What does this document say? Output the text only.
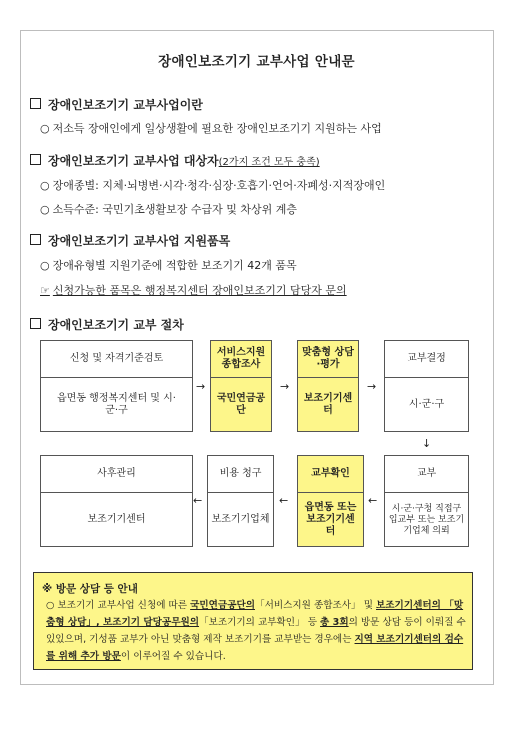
장애인보조기기 교부사업 안내문
장애인보조기기 교부사업이란
○ 저소득 장애인에게 일상생활에 필요한 장애인보조기기 지원하는 사업
장애인보조기기 교부사업 대상자(2가지 조건 모두 충족)
○ 장애종별: 지체·뇌병변·시각·청각·심장·호흡기·언어·자폐성·지적장애인
○ 소득수준: 국민기초생활보장 수급자 및 차상위 계층
장애인보조기기 교부사업 지원품목
○ 장애유형별 지원기준에 적합한 보조기기 42개 품목
☞ 신청가능한 품목은 행정복지센터 장애인보조기기 담당자 문의
장애인보조기기 교부 절차
신청 및 자격기준검토
읍면동 행정복지센터 및 시·군·구
→
서비스지원 종합조사
국민연금공단
→
맞춤형 상담·평가
보조기기센터
→
교부결정
시·군·구
↓
사후관리
보조기기센터
←
비용 청구
보조기기업체
←
교부확인
읍면동 또는 보조기기센터
←
교부
시·군·구청 직접구입교부 또는 보조기기업체 의뢰
※ 방문 상담 등 안내
○ 보조기기 교부사업 신청에 따른 국민연금공단의「서비스지원 종합조사」 및 보조기기센터의 「맞춤형 상담」, 보조기기 담당공무원의「보조기기의 교부확인」 등 총 3회의 방문 상담 등이 이뤄질 수 있있으며, 기성품 교부가 아닌 맞춤형 제작 보조기기를 교부받는 경우에는 지역 보조기기센터의 검수를 위해 추가 방문이 이루어질 수 있습니다.
